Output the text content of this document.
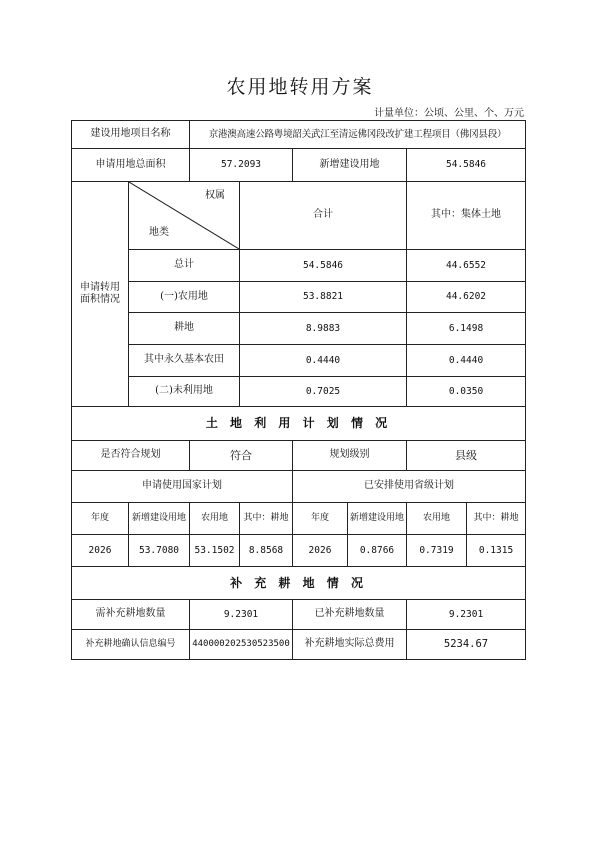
农用地转用方案
计量单位：公顷、公里、个、万元
建设用地项目名称		京港澳高速公路粤境韶关武江至清远佛冈段改扩建工程项目（佛冈县段）					
申请用地总面积		57.2093		新增建设用地		54.5846	
申请转用面积情况	权属
地类		合计			其中：集体土地	
	总计		54.5846			44.6552	
	(一)农用地		53.8821			44.6202	
	耕地		8.9883			6.1498	
	其中永久基本农田		0.4440			0.4440	
	(二)未利用地		0.7025			0.0350	
土 地 利 用 计 划 情 况							
是否符合规划		符合		规划级别		县级	
申请使用国家计划				已安排使用省级计划			
年度	新增建设用地	农用地	其中：耕地	年度	新增建设用地	农用地	其中：耕地
2026	53.7080	53.1502	8.8568	2026	0.8766	0.7319	0.1315
补 充 耕 地 情 况							
需补充耕地数量		9.2301		已补充耕地数量		9.2301	
补充耕地确认信息编号		440000202530523500		补充耕地实际总费用		5234.67	
